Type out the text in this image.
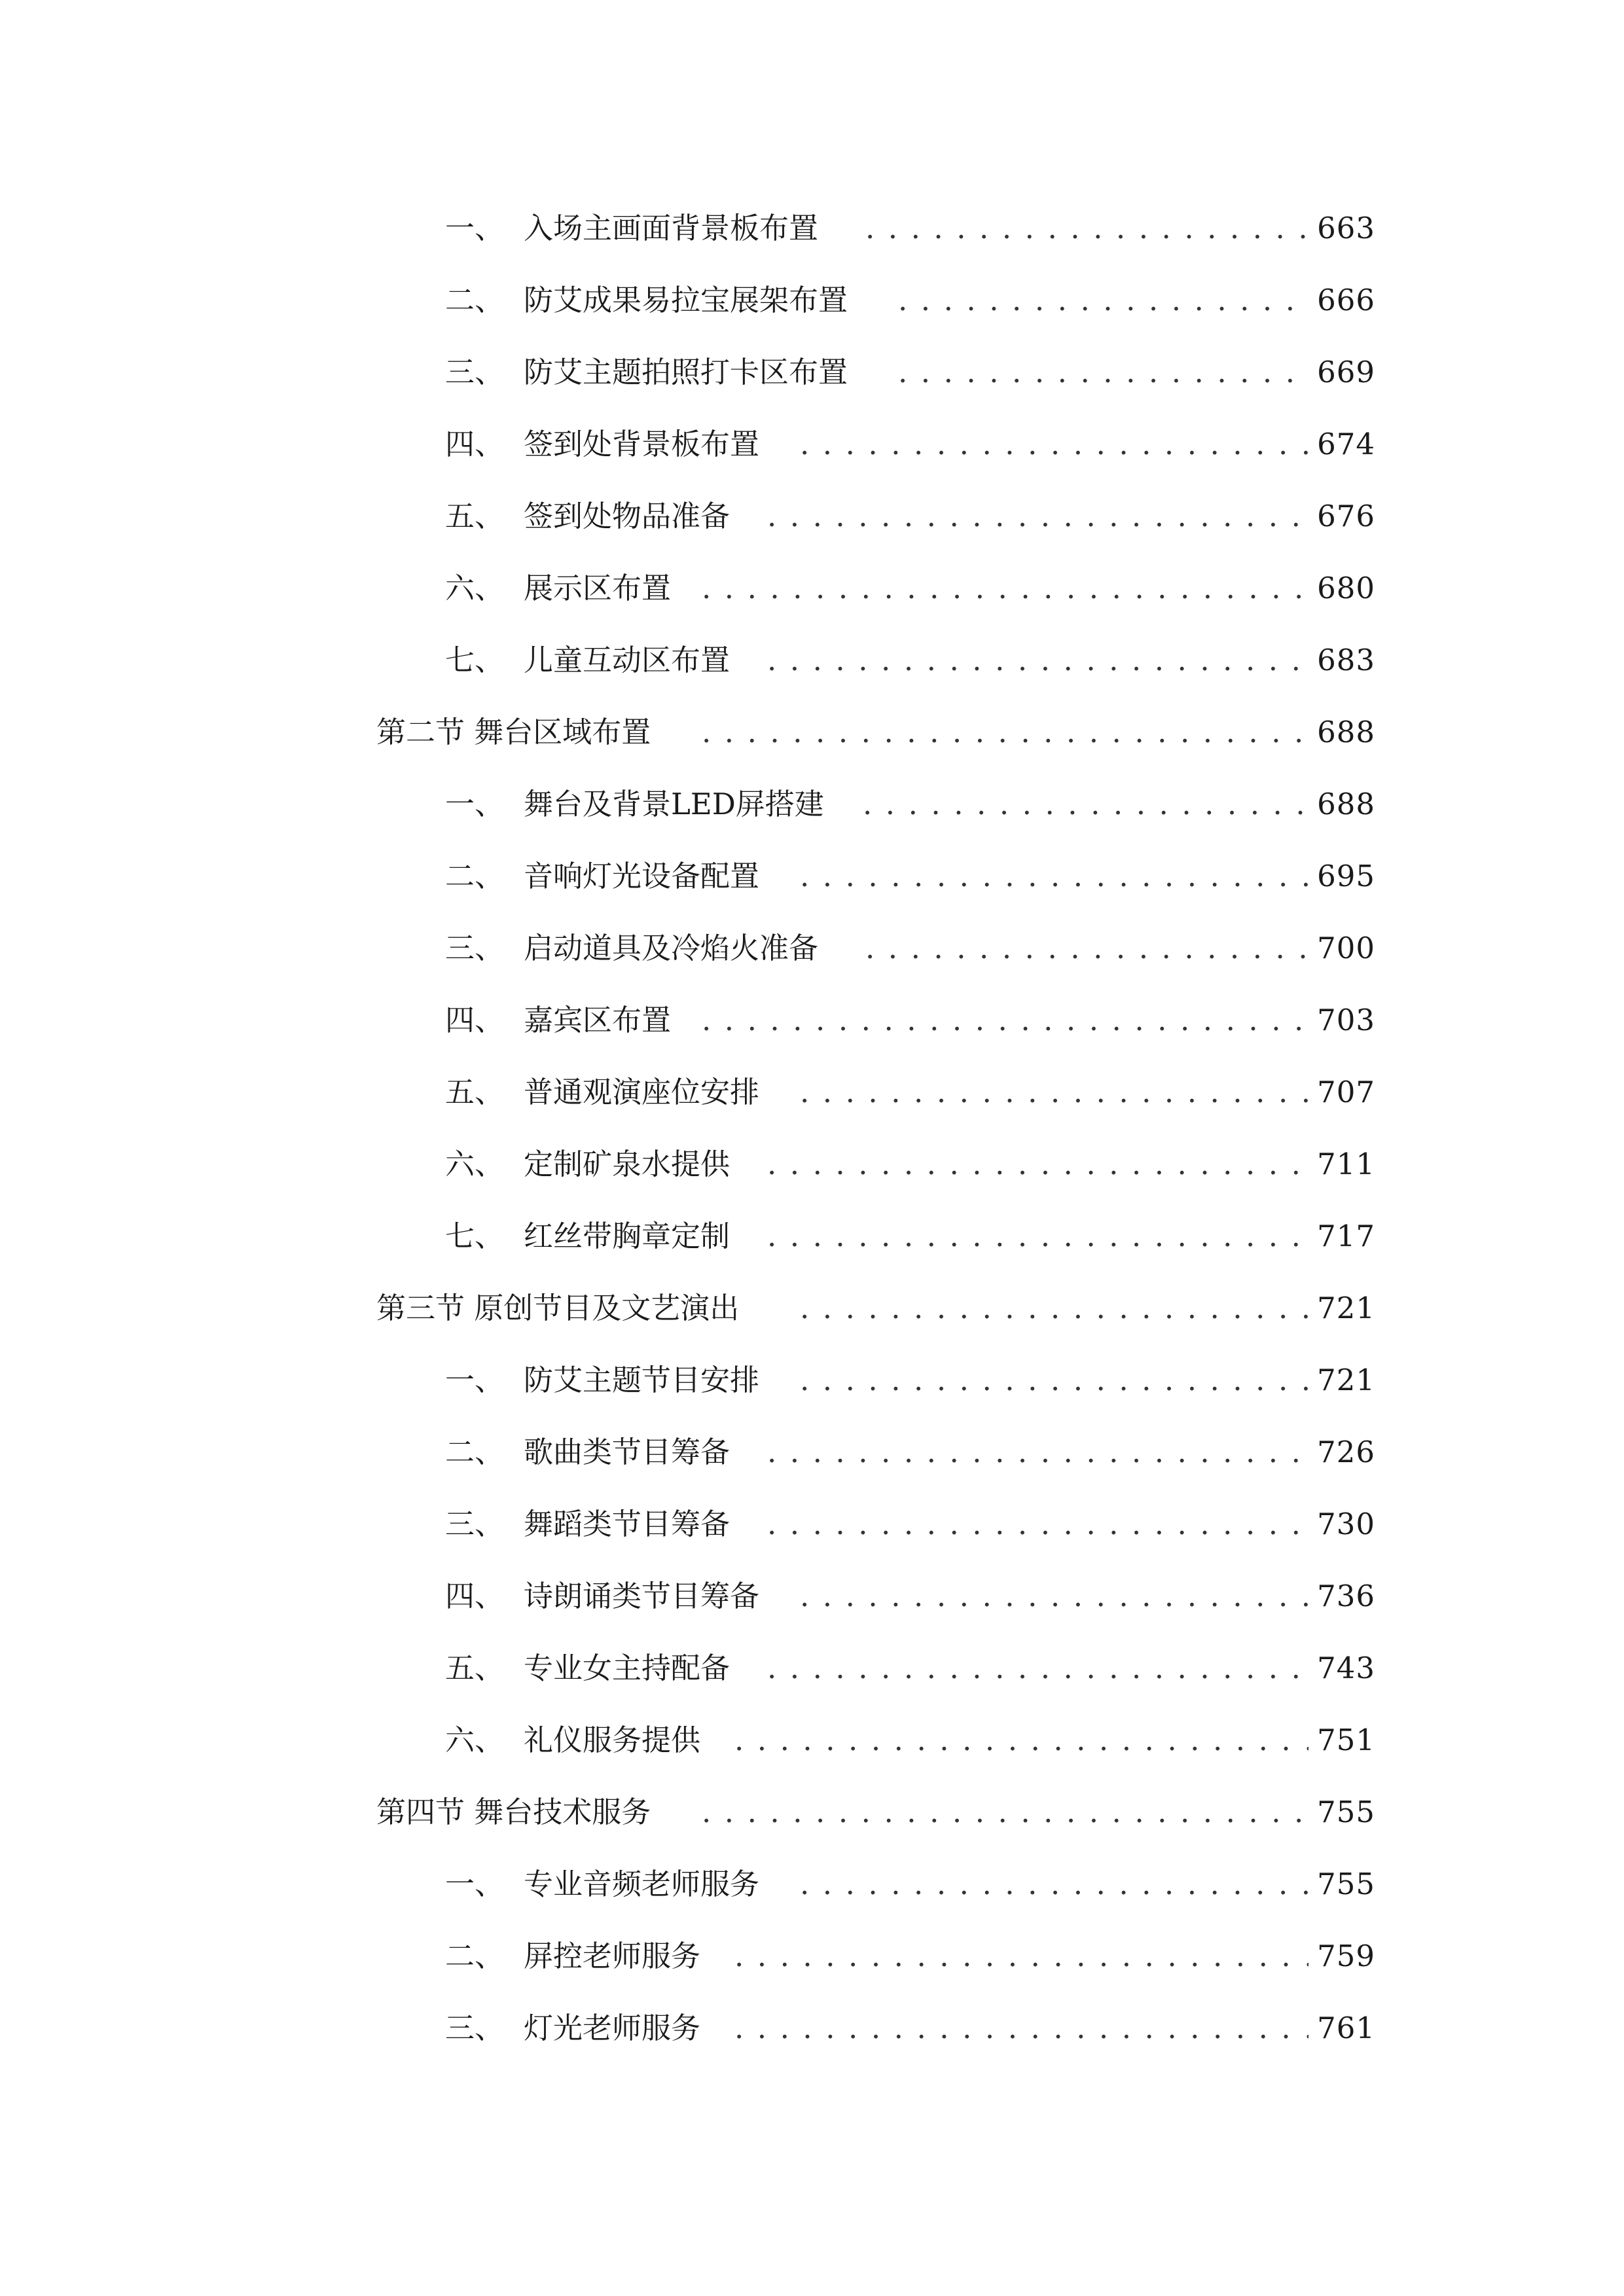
一、 入场主画面背景板布置 . . .	663
二、 防艾成果易拉宝展架布置 . . .	666
三、 防艾主题拍照打卡区布置 . . .	669
四、 签到处背景板布置 . . .	674
五、 签到处物品准备 . . .	676
六、 展示区布置 . . .	680
七、 儿童互动区布置 . . .	683
第二节 舞台区域布置 . . .	688
一、 舞台及背景LED屏搭建 . . .	688
二、 音响灯光设备配置 . . .	695
三、 启动道具及冷焰火准备 . . .	700
四、 嘉宾区布置 . . .	703
五、 普通观演座位安排 . . .	707
六、 定制矿泉水提供 . . .	711
七、 红丝带胸章定制 . . .	717
第三节 原创节目及文艺演出 . . .	721
一、 防艾主题节目安排 . . .	721
二、 歌曲类节目筹备 . . .	726
三、 舞蹈类节目筹备 . . .	730
四、 诗朗诵类节目筹备 . . .	736
五、 专业女主持配备 . . .	743
六、 礼仪服务提供 . . .	751
第四节 舞台技术服务 . . .	755
一、 专业音频老师服务 . . .	755
二、 屏控老师服务 . . .	759
三、 灯光老师服务 . . .	761
